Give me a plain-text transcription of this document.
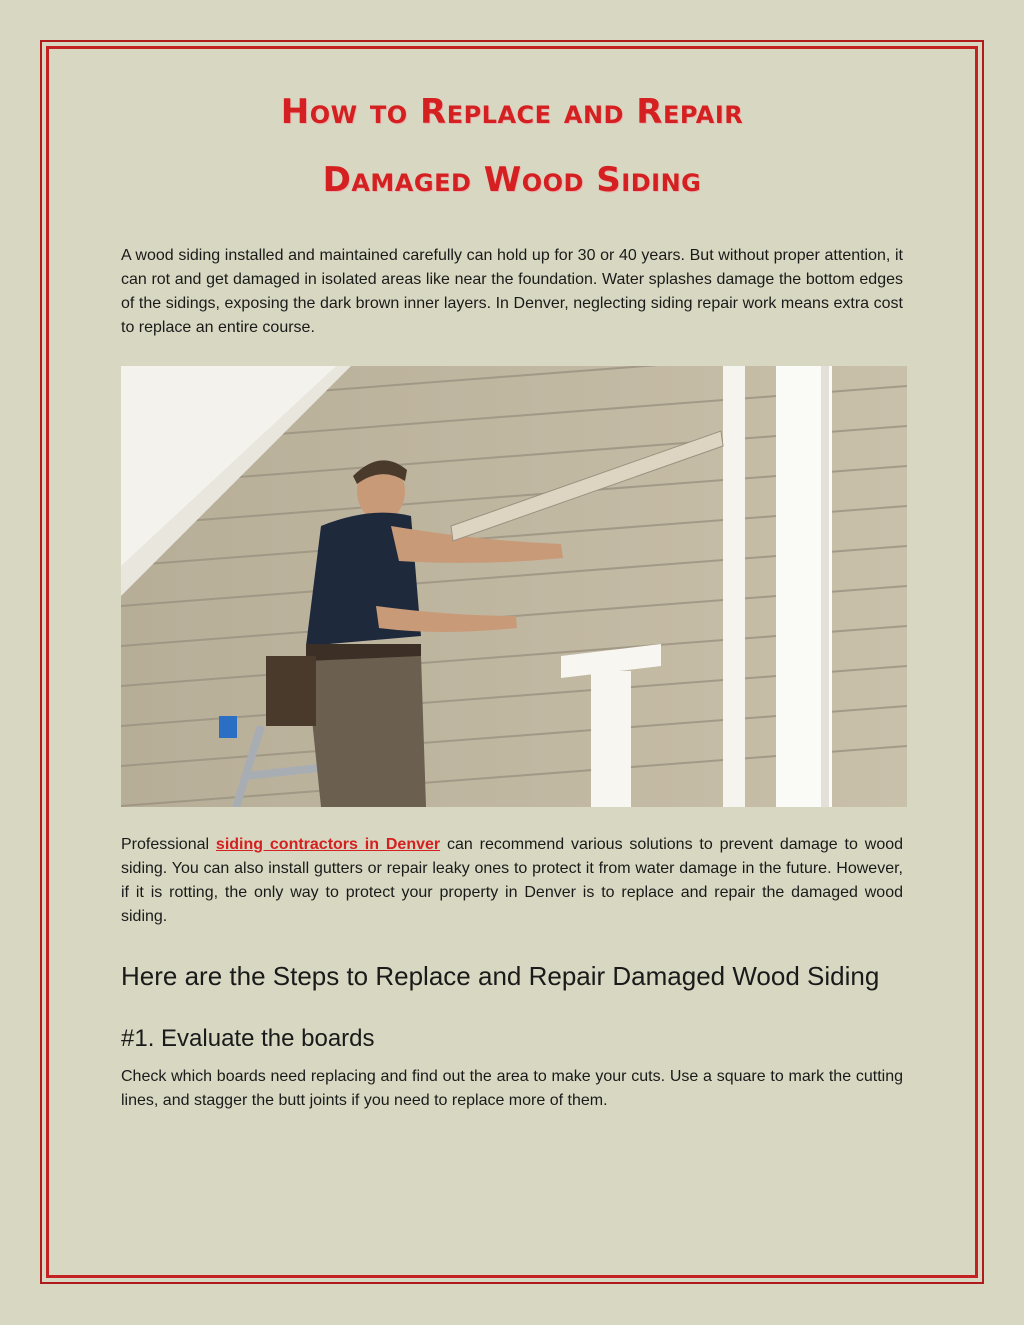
How to Replace and Repair
Damaged Wood Siding

A wood siding installed and maintained carefully can hold up for 30 or 40 years. But without proper attention, it can rot and get damaged in isolated areas like near the foundation. Water splashes damage the bottom edges of the sidings, exposing the dark brown inner layers. In Denver, neglecting siding repair work means extra cost to replace an entire course.

Professional siding contractors in Denver can recommend various solutions to prevent damage to wood siding. You can also install gutters or repair leaky ones to protect it from water damage in the future. However, if it is rotting, the only way to protect your property in Denver is to replace and repair the damaged wood siding.

Here are the Steps to Replace and Repair Damaged Wood Siding
#1. Evaluate the boards

Check which boards need replacing and find out the area to make your cuts. Use a square to mark the cutting lines, and stagger the butt joints if you need to replace more of them.
